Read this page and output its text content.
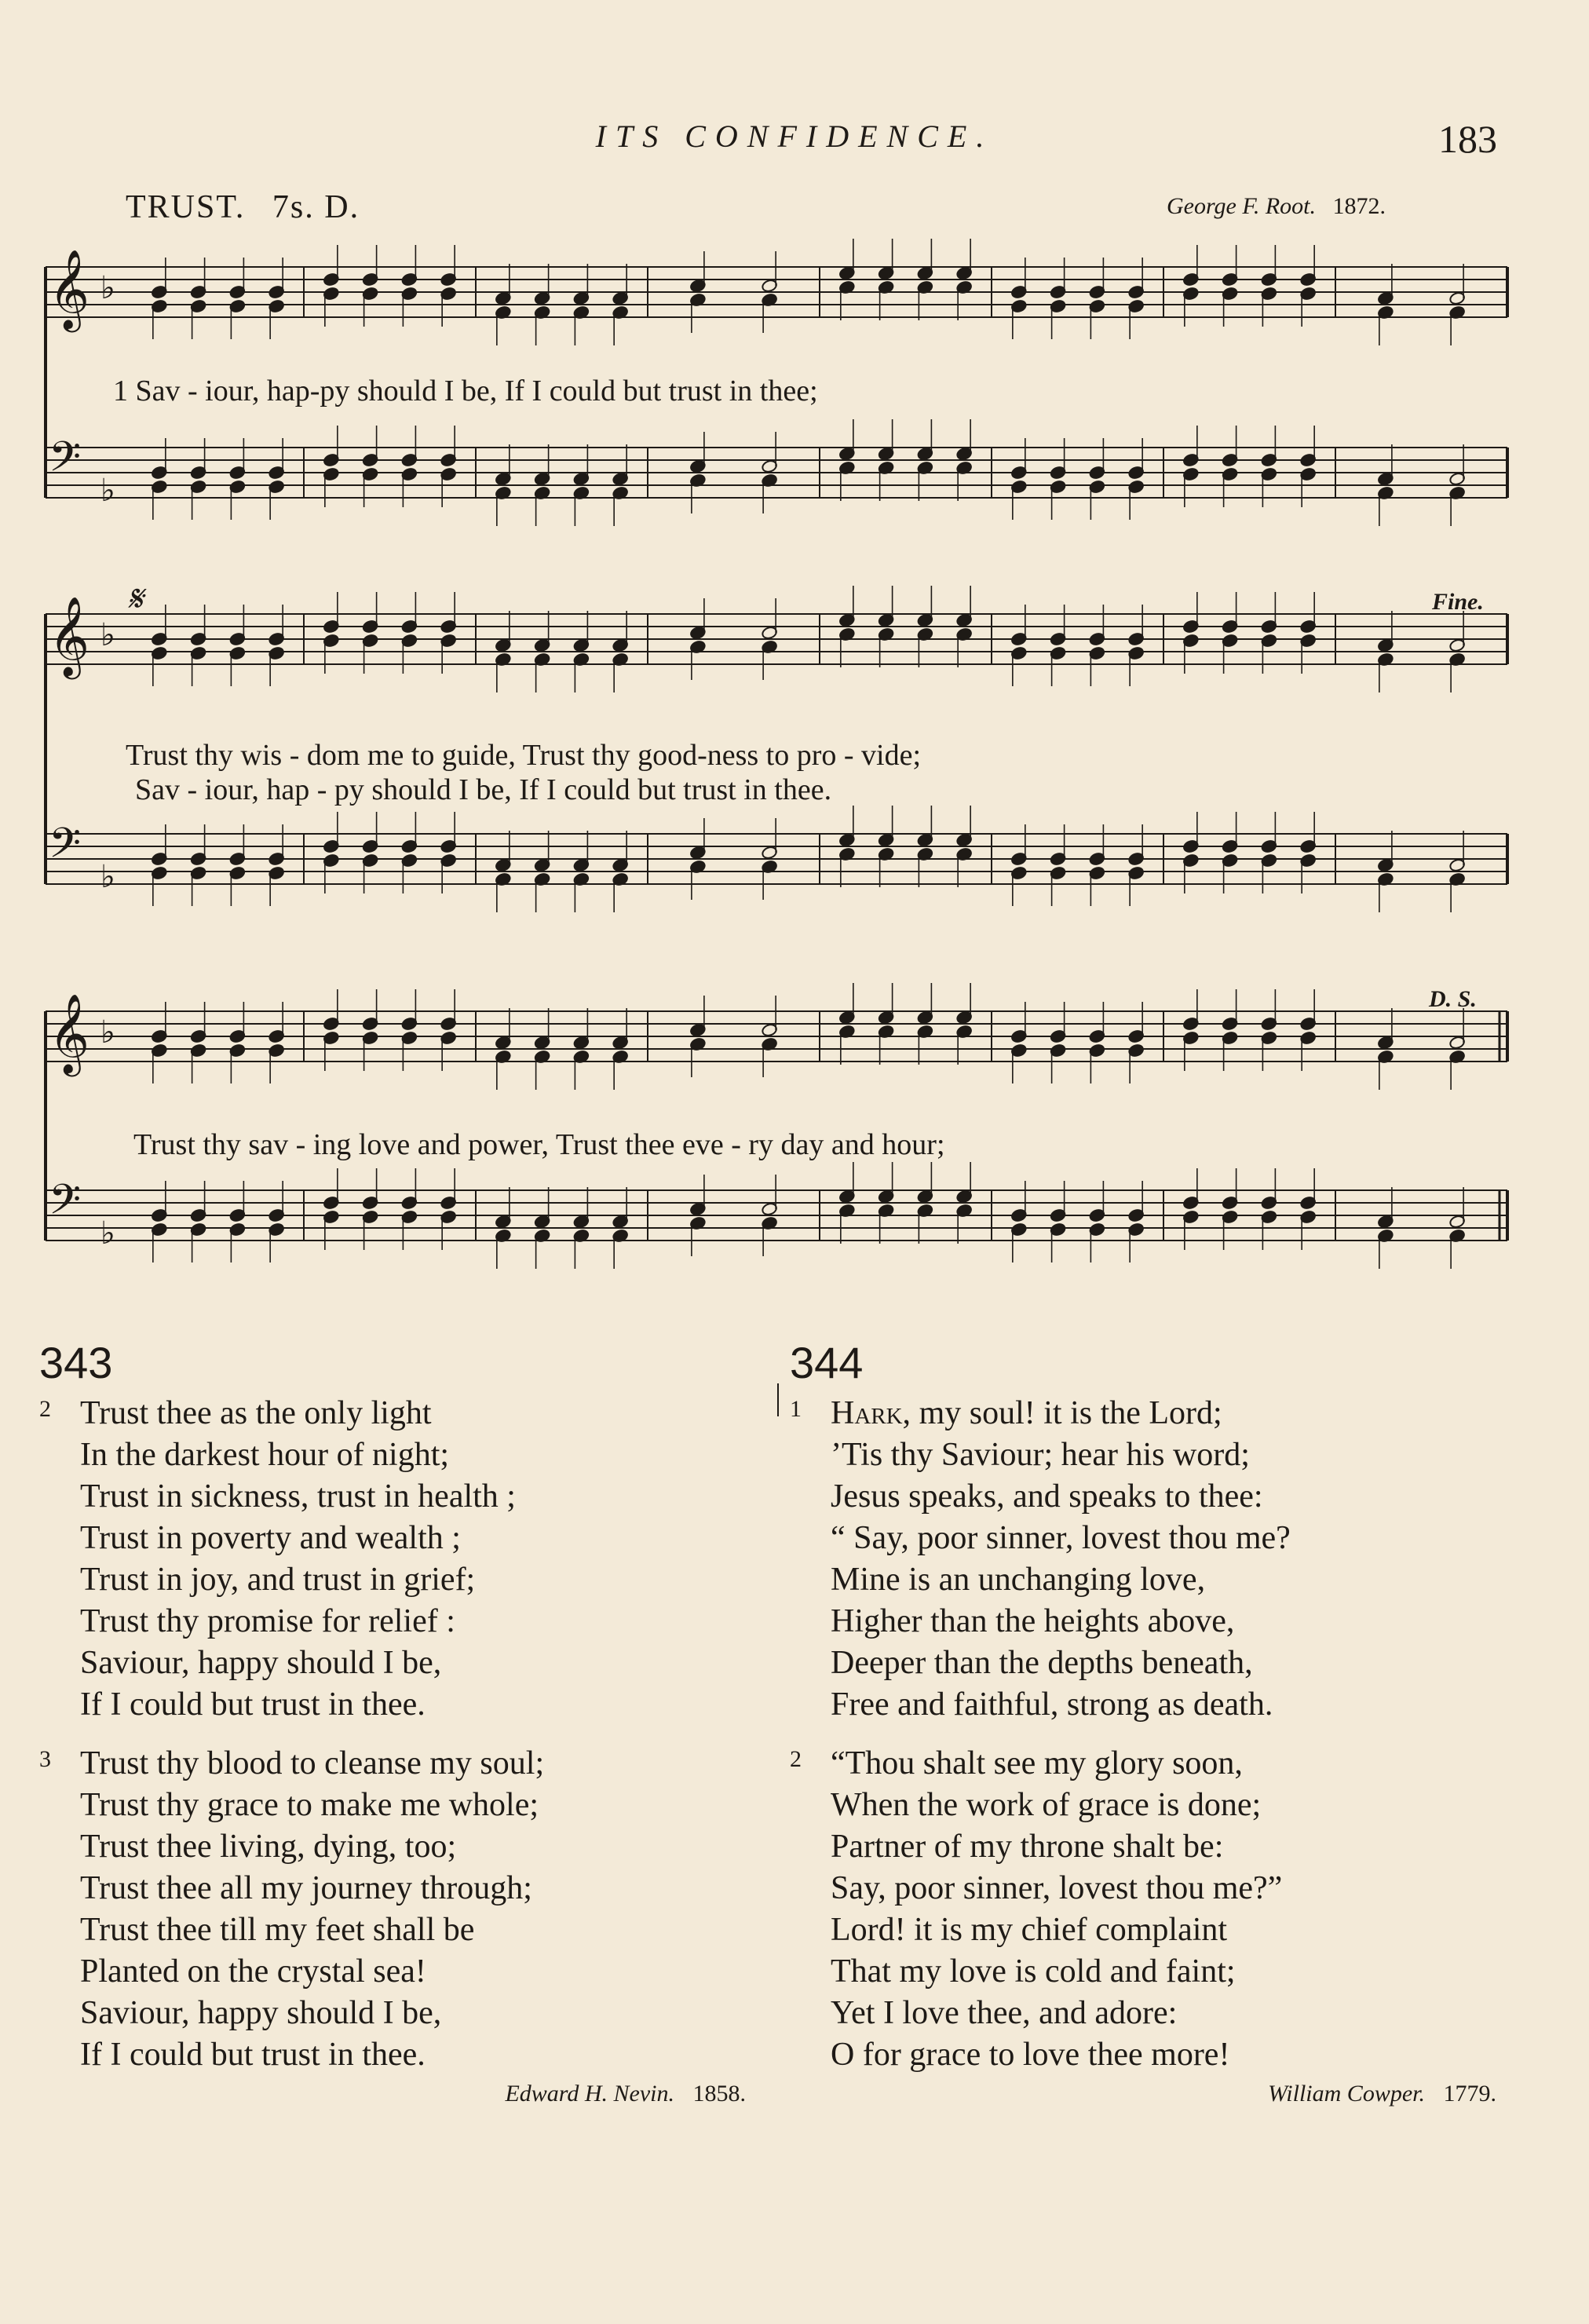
ITS CONFIDENCE.	183
TRUST. 7s. D.	George F. Root. 1872.
𝄞 ♭
𝄢 ♭
1 Sav - iour, hap-py should I be, If I could but trust in thee;
𝄋	Fine.
𝄞 ♭
𝄢 ♭
Trust thy wis - dom me to guide, Trust thy good-ness to pro - vide;
Sav - iour, hap - py should I be, If I could but trust in thee.
D. S.
𝄞 ♭
𝄢 ♭
Trust thy sav - ing love and power, Trust thee eve - ry day and hour;
343
2 Trust thee as the only light
In the darkest hour of night;
Trust in sickness, trust in health ;
Trust in poverty and wealth ;
Trust in joy, and trust in grief;
Trust thy promise for relief :
Saviour, happy should I be,
If I could but trust in thee.
3 Trust thy blood to cleanse my soul;
Trust thy grace to make me whole;
Trust thee living, dying, too;
Trust thee all my journey through;
Trust thee till my feet shall be
Planted on the crystal sea!
Saviour, happy should I be,
If I could but trust in thee.
Edward H. Nevin. 1858.
344
1 Hark, my soul! it is the Lord;
’Tis thy Saviour; hear his word;
Jesus speaks, and speaks to thee:
“ Say, poor sinner, lovest thou me?
Mine is an unchanging love,
Higher than the heights above,
Deeper than the depths beneath,
Free and faithful, strong as death.
2 “Thou shalt see my glory soon,
When the work of grace is done;
Partner of my throne shalt be:
Say, poor sinner, lovest thou me?”
Lord! it is my chief complaint
That my love is cold and faint;
Yet I love thee, and adore:
O for grace to love thee more!
William Cowper. 1779.
